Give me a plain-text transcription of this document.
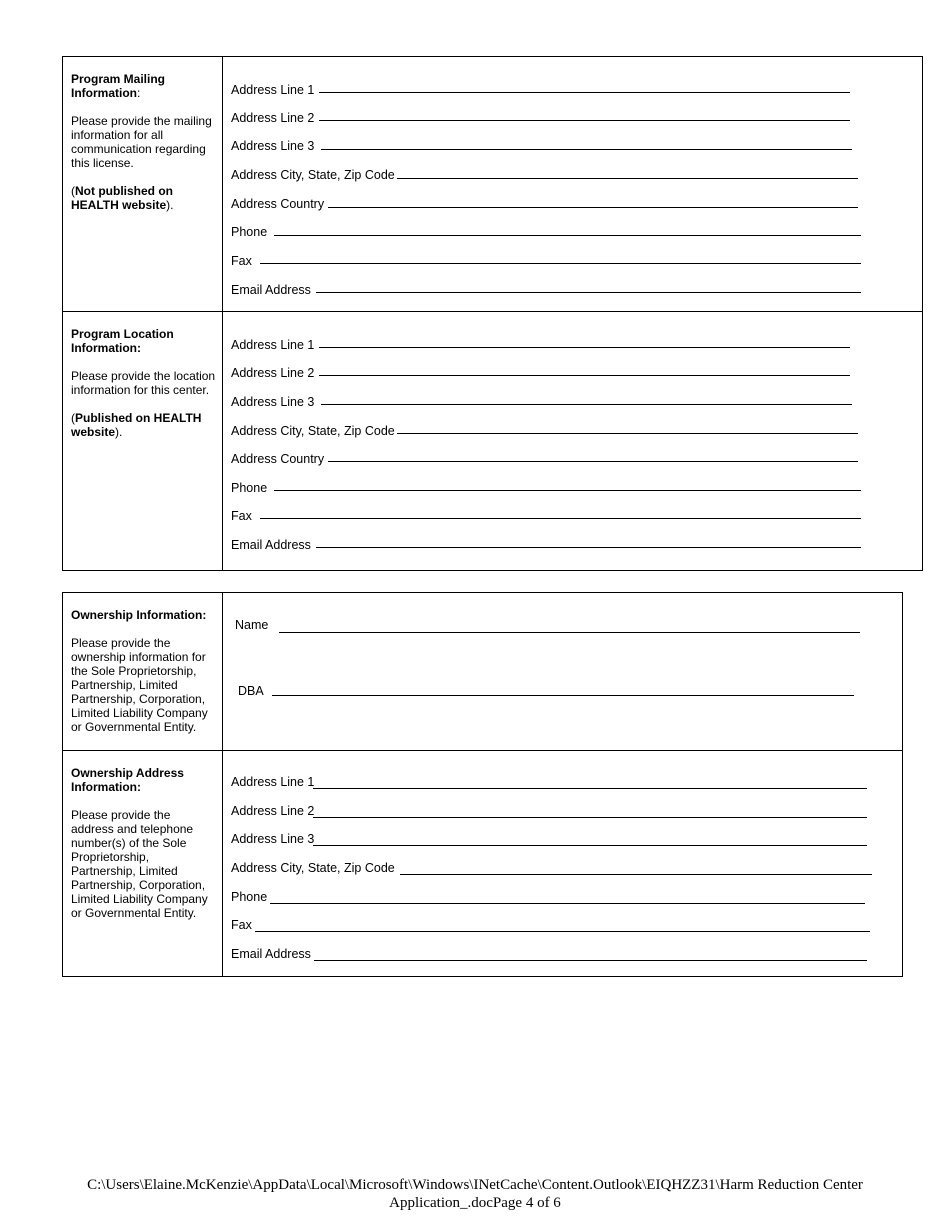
Program Mailing Information:

Please provide the mailing information for all communication regarding this license.

(Not published on HEALTH website).

Address Line 1
Address Line 2
Address Line 3
Address City, State, Zip Code
Address Country
Phone
Fax
Email Address

Program Location Information:

Please provide the location information for this center.

(Published on HEALTH website).

Address Line 1
Address Line 2
Address Line 3
Address City, State, Zip Code
Address Country
Phone
Fax
Email Address

Ownership Information:

Please provide the ownership information for the Sole Proprietorship, Partnership, Limited Partnership, Corporation, Limited Liability Company or Governmental Entity.

Name
DBA

Ownership Address Information:

Please provide the address and telephone number(s) of the Sole Proprietorship, Partnership, Limited Partnership, Corporation, Limited Liability Company or Governmental Entity.

Address Line 1
Address Line 2
Address Line 3
Address City, State, Zip Code
Phone
Fax
Email Address
C:\Users\Elaine.McKenzie\AppData\Local\Microsoft\Windows\INetCache\Content.Outlook\EIQHZZ31\Harm Reduction Center
Application_.docPage 4 of 6
